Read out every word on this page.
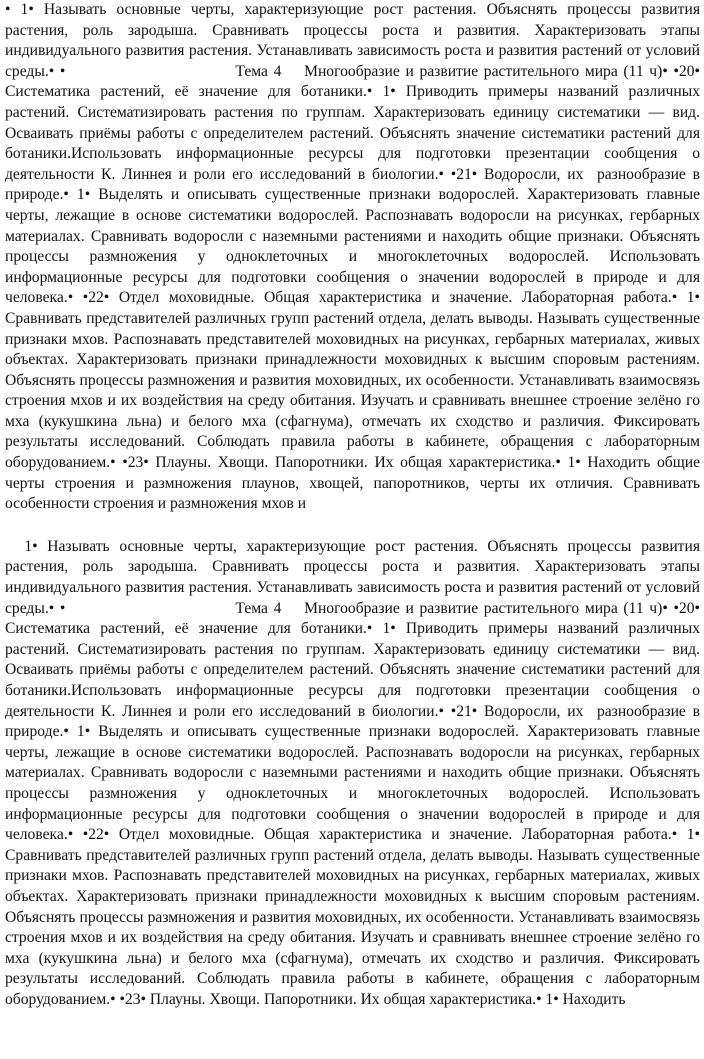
• 1• Называть основные черты, характеризующие рост растения. Объяснять процессы развития растения, роль зародыша. Сравнивать процессы роста и развития. Характеризовать этапы индивидуального развития растения. Устанавливать зависимость роста и развития растений от условий среды.• •                              Тема 4    Многообразие и развитие растительного мира (11 ч)• •20• Систематика растений, её значение для ботаники.• 1• Приводить примеры названий различных растений. Систематизировать растения по группам. Характеризовать единицу систематики — вид. Осваивать приёмы работы с определителем растений. Объяснять значение систематики растений для ботаники.Использовать информационные ресурсы для подготовки презентации сообщения о деятельности К. Линнея и роли его исследований в биологии.• •21• Водоросли, их  разнообразие в природе.• 1• Выделять и описывать существенные признаки водорослей. Характеризовать главные черты, лежащие в основе систематики водорослей. Распознавать водоросли на рисунках, гербарных материалах. Сравнивать водоросли с наземными растениями и находить общие признаки. Объяснять процессы размножения у одноклеточных и многоклеточных водорослей. Использовать информационные ресурсы для подготовки сообщения о значении водорослей в природе и для человека.• •22• Отдел моховидные. Общая характеристика и значение. Лабораторная работа.• 1• Сравнивать представителей различных групп растений отдела, делать выводы. Называть существенные признаки мхов. Распознавать представителей моховидных на рисунках, гербарных материалах, живых объектах. Характеризовать признаки принадлежности моховидных к высшим споровым растениям. Объяснять процессы размножения и развития моховидных, их особенности. Устанавливать взаимосвязь строения мхов и их воздействия на среду обитания. Изучать и сравнивать внешнее строение зелёно го мха (кукушкина льна) и белого мха (сфагнума), отмечать их сходство и различия. Фиксировать результаты исследований. Соблюдать правила работы в кабинете, обращения с лабораторным оборудованием.• •23• Плауны. Хвощи. Папоротники. Их общая характеристика.• 1• Находить общие черты строения и размножения плаунов, хвощей, папоротников, черты их отличия. Сравнивать особенности строения и размножения мхов и

1• Называть основные черты, характеризующие рост растения. Объяснять процессы развития растения, роль зародыша. Сравнивать процессы роста и развития. Характеризовать этапы индивидуального развития растения. Устанавливать зависимость роста и развития растений от условий среды.• •                              Тема 4    Многообразие и развитие растительного мира (11 ч)• •20• Систематика растений, её значение для ботаники.• 1• Приводить примеры названий различных растений. Систематизировать растения по группам. Характеризовать единицу систематики — вид. Осваивать приёмы работы с определителем растений. Объяснять значение систематики растений для ботаники.Использовать информационные ресурсы для подготовки презентации сообщения о деятельности К. Линнея и роли его исследований в биологии.• •21• Водоросли, их  разнообразие в природе.• 1• Выделять и описывать существенные признаки водорослей. Характеризовать главные черты, лежащие в основе систематики водорослей. Распознавать водоросли на рисунках, гербарных материалах. Сравнивать водоросли с наземными растениями и находить общие признаки. Объяснять процессы размножения у одноклеточных и многоклеточных водорослей. Использовать информационные ресурсы для подготовки сообщения о значении водорослей в природе и для человека.• •22• Отдел моховидные. Общая характеристика и значение. Лабораторная работа.• 1• Сравнивать представителей различных групп растений отдела, делать выводы. Называть существенные признаки мхов. Распознавать представителей моховидных на рисунках, гербарных материалах, живых объектах. Характеризовать признаки принадлежности моховидных к высшим споровым растениям. Объяснять процессы размножения и развития моховидных, их особенности. Устанавливать взаимосвязь строения мхов и их воздействия на среду обитания. Изучать и сравнивать внешнее строение зелёно го мха (кукушкина льна) и белого мха (сфагнума), отмечать их сходство и различия. Фиксировать результаты исследований. Соблюдать правила работы в кабинете, обращения с лабораторным оборудованием.• •23• Плауны. Хвощи. Папоротники. Их общая характеристика.• 1• Находить
